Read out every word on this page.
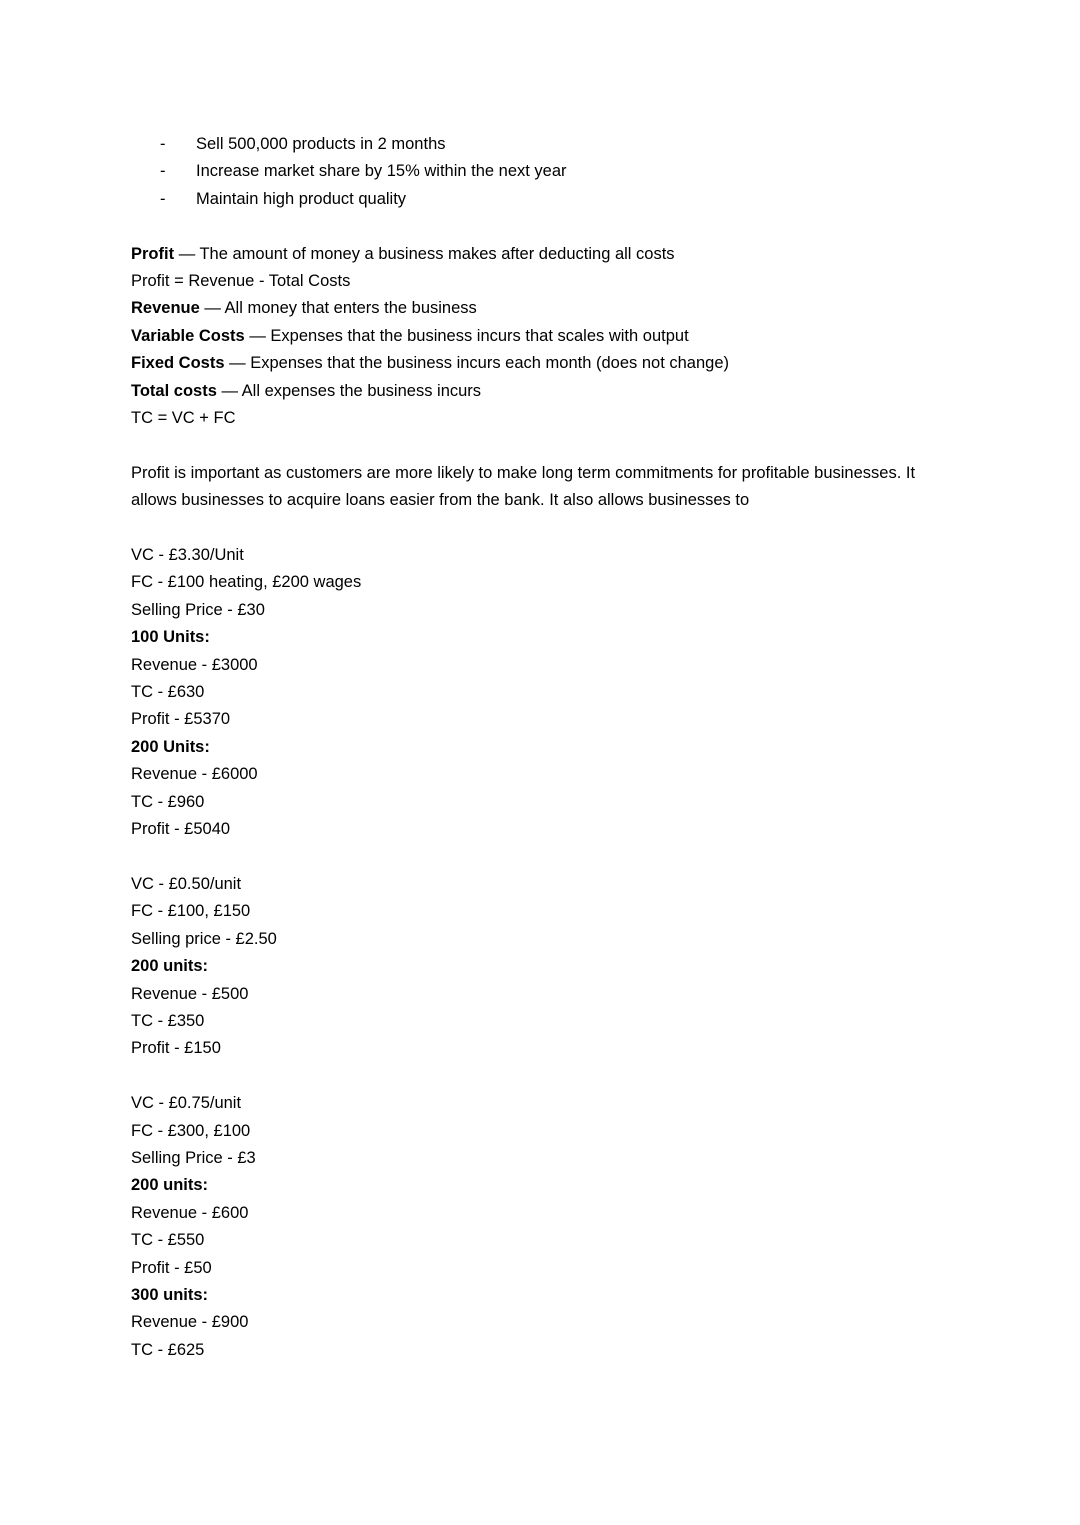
-	Sell 500,000 products in 2 months
-	Increase market share by 15% within the next year
-	Maintain high product quality
Profit — The amount of money a business makes after deducting all costs
Profit = Revenue - Total Costs
Revenue — All money that enters the business
Variable Costs — Expenses that the business incurs that scales with output
Fixed Costs — Expenses that the business incurs each month (does not change)
Total costs — All expenses the business incurs
TC = VC + FC
Profit is important as customers are more likely to make long term commitments for profitable businesses. It allows businesses to acquire loans easier from the bank. It also allows businesses to
VC - £3.30/Unit
FC - £100 heating, £200 wages
Selling Price - £30
100 Units:
Revenue - £3000
TC - £630
Profit - £5370
200 Units:
Revenue - £6000
TC - £960
Profit - £5040
VC - £0.50/unit
FC - £100, £150
Selling price - £2.50
200 units:
Revenue - £500
TC - £350
Profit - £150
VC - £0.75/unit
FC - £300, £100
Selling Price - £3
200 units:
Revenue - £600
TC - £550
Profit - £50
300 units:
Revenue - £900
TC - £625
